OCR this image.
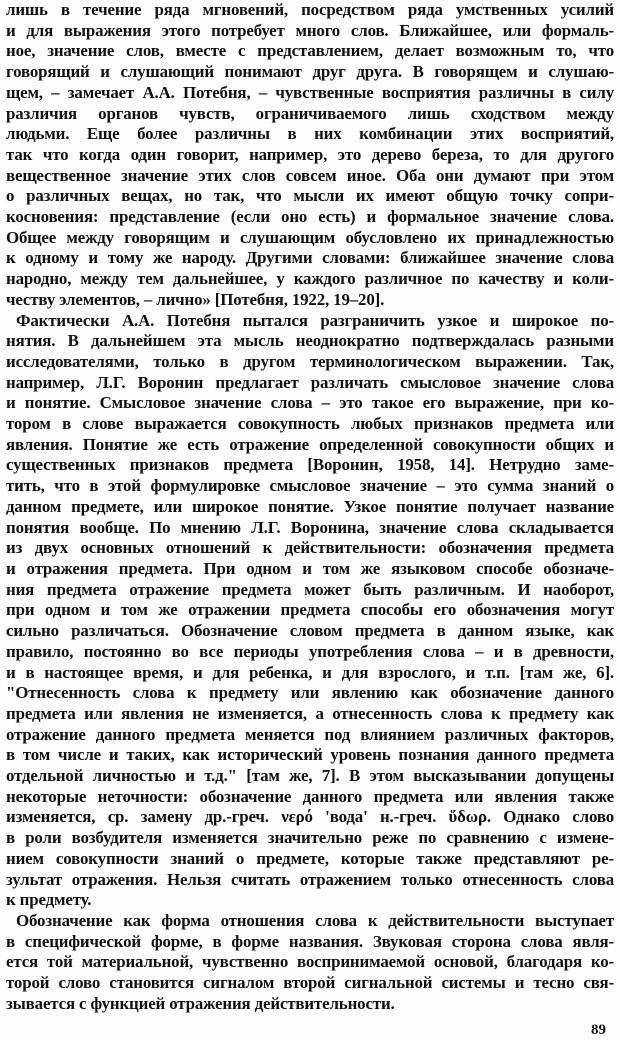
лишь в течение ряда мгновений, посредством ряда умственных усилий
и для выражения этого потребует много слов. Ближайшее, или формаль-
ное, значение слов, вместе с представлением, делает возможным то, что
говорящий и слушающий понимают друг друга. В говорящем и слушаю-
щем, – замечает А.А. Потебня, – чувственные восприятия различны в силу
различия органов чувств, ограничиваемого лишь сходством между
людьми. Еще более различны в них комбинации этих восприятий,
так что когда один говорит, например, это дерево береза, то для другого
вещественное значение этих слов совсем иное. Оба они думают при этом
о различных вещах, но так, что мысли их имеют общую точку сопри-
косновения: представление (если оно есть) и формальное значение слова.
Общее между говорящим и слушающим обусловлено их принадлежностью
к одному и тому же народу. Другими словами: ближайшее значение слова
народно, между тем дальнейшее, у каждого различное по качеству и коли-
честву элементов, – лично» [Потебня, 1922, 19–20].

Фактически А.А. Потебня пытался разграничить узкое и широкое по-
нятия. В дальнейшем эта мысль неоднократно подтверждалась разными
исследователями, только в другом терминологическом выражении. Так,
например, Л.Г. Воронин предлагает различать смысловое значение слова
и понятие. Смысловое значение слова – это такое его выражение, при ко-
тором в слове выражается совокупность любых признаков предмета или
явления. Понятие же есть отражение определенной совокупности общих и
существенных признаков предмета [Воронин, 1958, 14]. Нетрудно заме-
тить, что в этой формулировке смысловое значение – это сумма знаний о
данном предмете, или широкое понятие. Узкое понятие получает название
понятия вообще. По мнению Л.Г. Воронина, значение слова складывается
из двух основных отношений к действительности: обозначения предмета
и отражения предмета. При одном и том же языковом способе обозначе-
ния предмета отражение предмета может быть различным. И наоборот,
при одном и том же отражении предмета способы его обозначения могут
сильно различаться. Обозначение словом предмета в данном языке, как
правило, постоянно во все периоды употребления слова – и в древности,
и в настоящее время, и для ребенка, и для взрослого, и т.п. [там же, 6].
"Отнесенность слова к предмету или явлению как обозначение данного
предмета или явления не изменяется, а отнесенность слова к предмету как
отражение данного предмета меняется под влиянием различных факторов,
в том числе и таких, как исторический уровень познания данного предмета
отдельной личностью и т.д." [там же, 7]. В этом высказывании допущены
некоторые неточности: обозначение данного предмета или явления также
изменяется, ср. замену др.-греч. νερό 'вода' н.-греч. ὕδωρ. Однако слово
в роли возбудителя изменяется значительно реже по сравнению с измене-
нием совокупности знаний о предмете, которые также представляют ре-
зультат отражения. Нельзя считать отражением только отнесенность слова
к предмету.

Обозначение как форма отношения слова к действительности выступает
в специфической форме, в форме названия. Звуковая сторона слова явля-
ется той материальной, чувственно воспринимаемой основой, благодаря ко-
торой слово становится сигналом второй сигнальной системы и тесно свя-
зывается с функцией отражения действительности.

89
